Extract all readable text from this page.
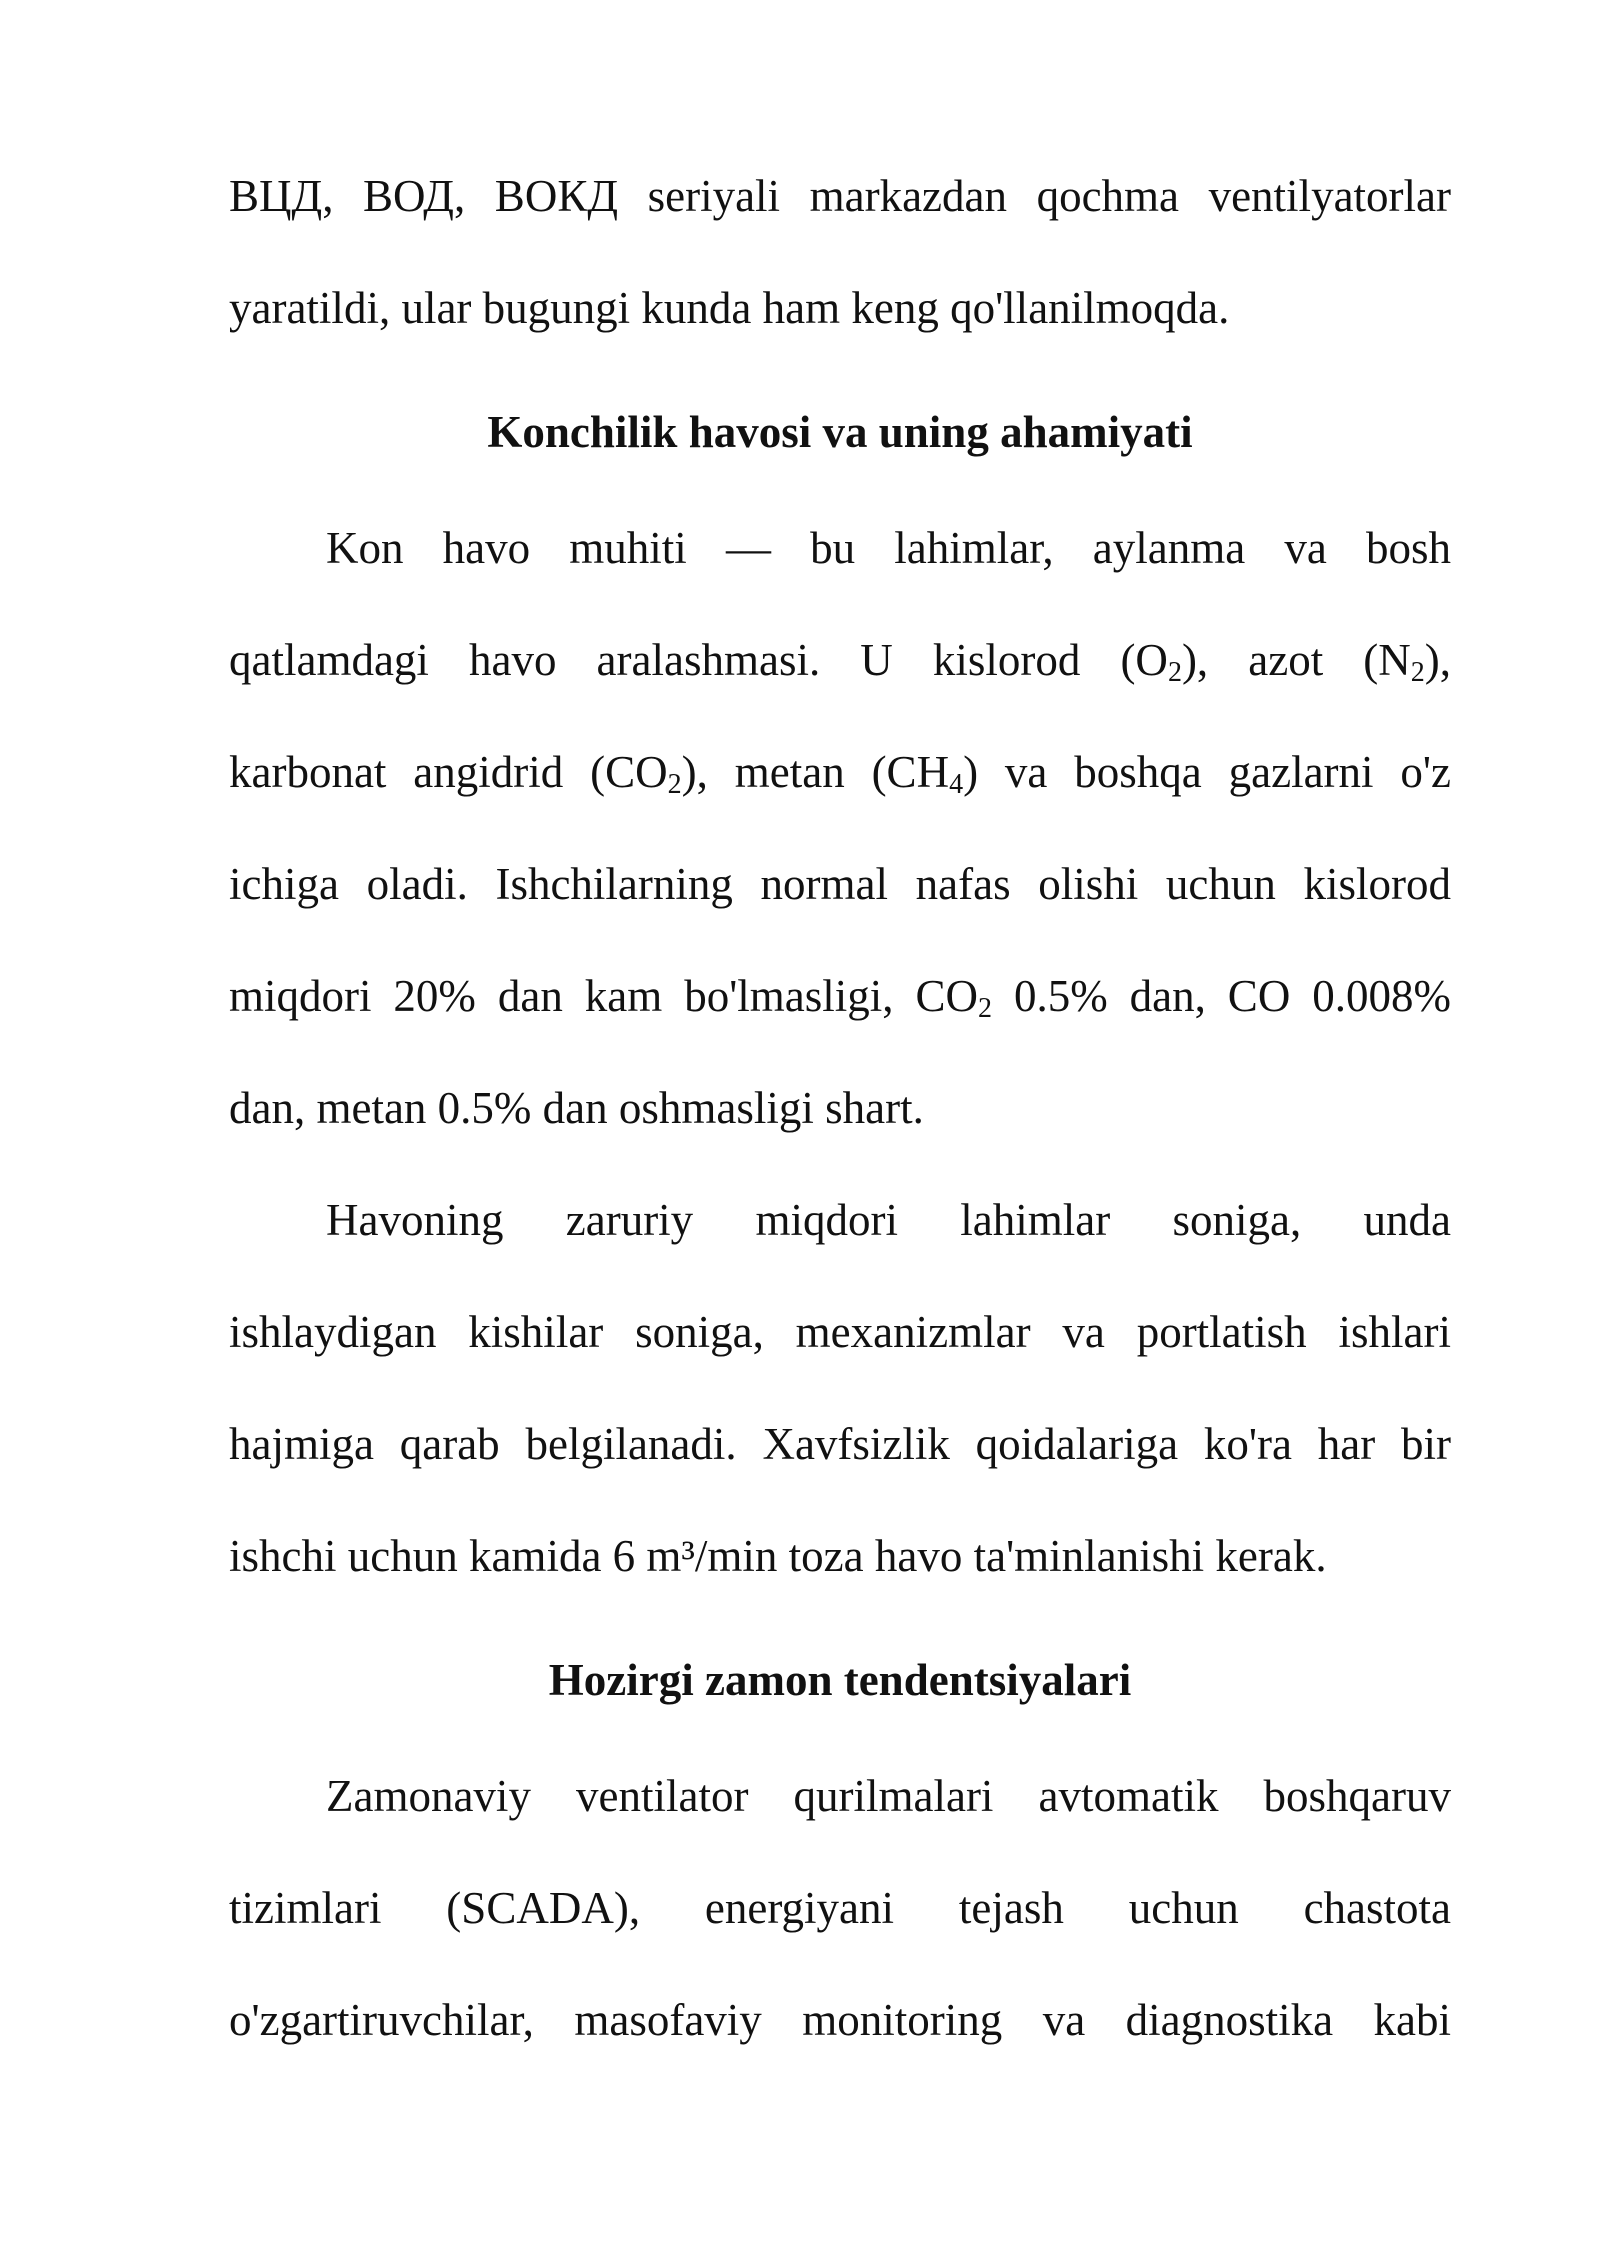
ВЦД, ВОД, ВОКД seriyali markazdan qochma ventilyatorlar
yaratildi, ular bugungi kunda ham keng qo'llanilmoqda.
Konchilik havosi va uning ahamiyati
Kon havo muhiti — bu lahimlar, aylanma va bosh
qatlamdagi havo aralashmasi. U kislorod $(O_2)$, azot $(N_2)$,
karbonat angidrid $(CO_2)$, metan $(CH_4)$ va boshqa gazlarni o'z
ichiga oladi. Ishchilarning normal nafas olishi uchun kislorod
miqdori 20% dan kam bo'lmasligi, $CO_2$ 0.5% dan, CO 0.008%
dan, metan 0.5% dan oshmasligi shart.
Havoning zaruriy miqdori lahimlar soniga, unda
ishlaydigan kishilar soniga, mexanizmlar va portlatish ishlari
hajmiga qarab belgilanadi. Xavfsizlik qoidalariga ko'ra har bir
ishchi uchun kamida 6 m³/min toza havo ta'minlanishi kerak.
Hozirgi zamon tendentsiyalari
Zamonaviy ventilator qurilmalari avtomatik boshqaruv
tizimlari (SCADA), energiyani tejash uchun chastota
o'zgartiruvchilar, masofaviy monitoring va diagnostika kabi
